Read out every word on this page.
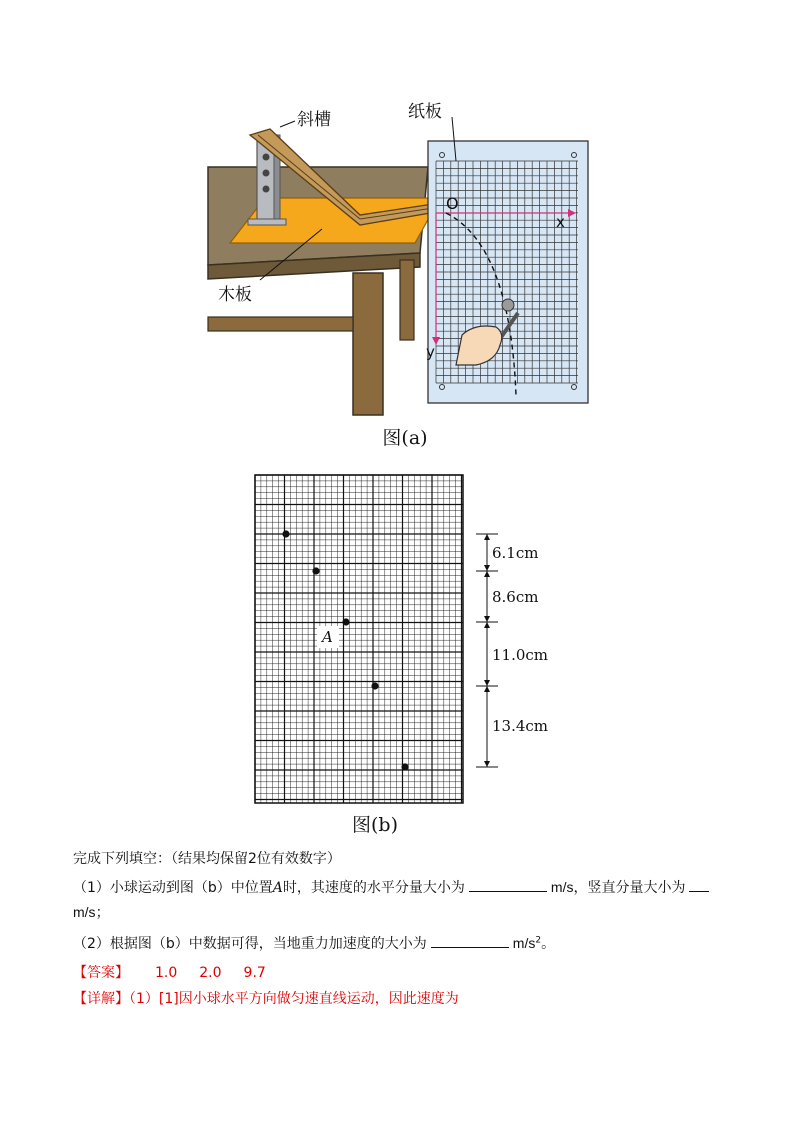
斜槽	纸板
木板
O
x
y
图(a)
A
6.1cm
8.6cm
11.0cm
13.4cm
图(b)
完成下列填空：（结果均保留2位有效数字）
（1）小球运动到图（b）中位置A时，其速度的水平分量大小为	m/s，竖直分量大小为
m/s；
（2）根据图（b）中数据可得，当地重力加速度的大小为	$m/s^2$。
【答案】 1.0 2.0 9.7
【详解】（1）[1]因小球水平方向做匀速直线运动，因此速度为
